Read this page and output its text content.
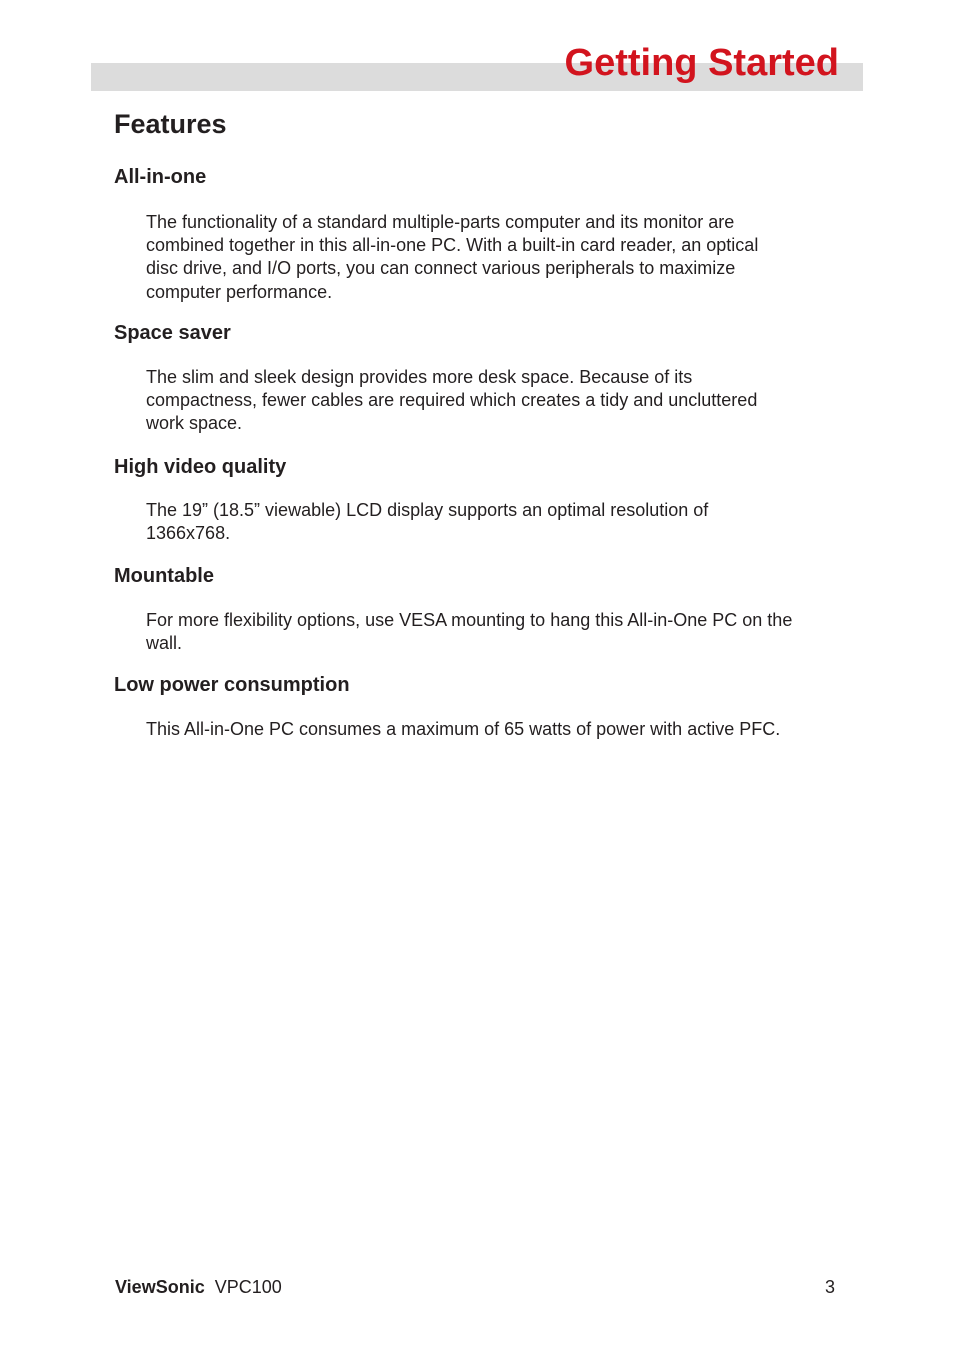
Getting Started
Features
All-in-one
The functionality of a standard multiple-parts computer and its monitor are
combined together in this all-in-one PC. With a built-in card reader, an optical
disc drive, and I/O ports, you can connect various peripherals to maximize
computer performance.
Space saver
The slim and sleek design provides more desk space. Because of its
compactness, fewer cables are required which creates a tidy and uncluttered
work space.
High video quality
The 19” (18.5” viewable) LCD display supports an optimal resolution of
1366x768.
Mountable
For more flexibility options, use VESA mounting to hang this All-in-One PC on the
wall.
Low power consumption
This All-in-One PC consumes a maximum of 65 watts of power with active PFC.
ViewSonic VPC100	3
